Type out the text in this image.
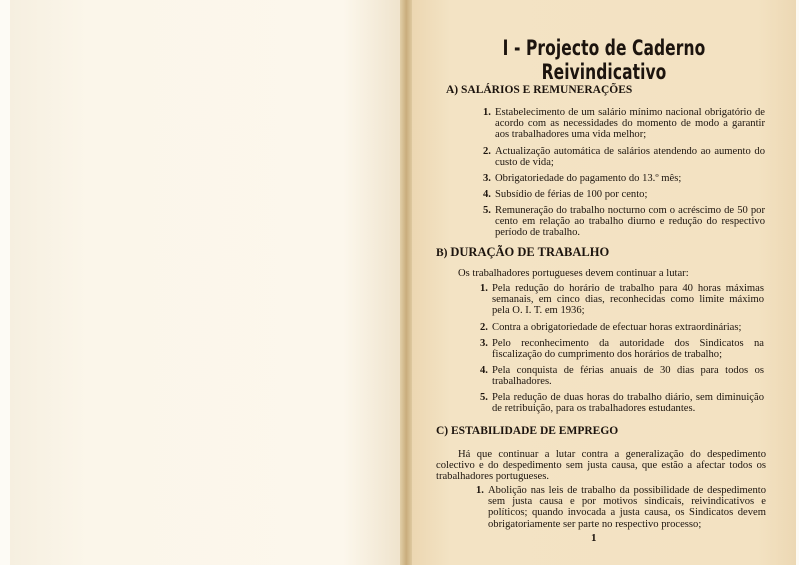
I - Projecto de Caderno Reivindicativo
A) SALÁRIOS E REMUNERAÇÕES
1. Estabelecimento de um salário mínimo nacional obrigatório de acordo com as necessidades do momento de modo a garantir aos trabalhadores uma vida melhor;
2. Actualização automática de salários atendendo ao aumento do custo de vida;
3. Obrigatoriedade do pagamento do 13.º mês;
4. Subsídio de férias de 100 por cento;
5. Remuneração do trabalho nocturno com o acréscimo de 50 por cento em relação ao trabalho diurno e redução do respectivo período de trabalho.
B) DURAÇÃO DE TRABALHO
Os trabalhadores portugueses devem continuar a lutar:
1. Pela redução do horário de trabalho para 40 horas máximas semanais, em cinco dias, reconhecidas como limite máximo pela O. I. T. em 1936;
2. Contra a obrigatoriedade de efectuar horas extraordinárias;
3. Pelo reconhecimento da autoridade dos Sindicatos na fiscalização do cumprimento dos horários de trabalho;
4. Pela conquista de férias anuais de 30 dias para todos os trabalhadores.
5. Pela redução de duas horas do trabalho diário, sem diminuição de retribuição, para os trabalhadores estudantes.
C) ESTABILIDADE DE EMPREGO
Há que continuar a lutar contra a generalização do despedimento colectivo e do despedimento sem justa causa, que estão a afectar todos os trabalhadores portugueses.
1. Abolição nas leis de trabalho da possibilidade de despedimento sem justa causa e por motivos sindicais, reivindicativos e políticos; quando invocada a justa causa, os Sindicatos devem obrigatoriamente ser parte no respectivo processo;
1
